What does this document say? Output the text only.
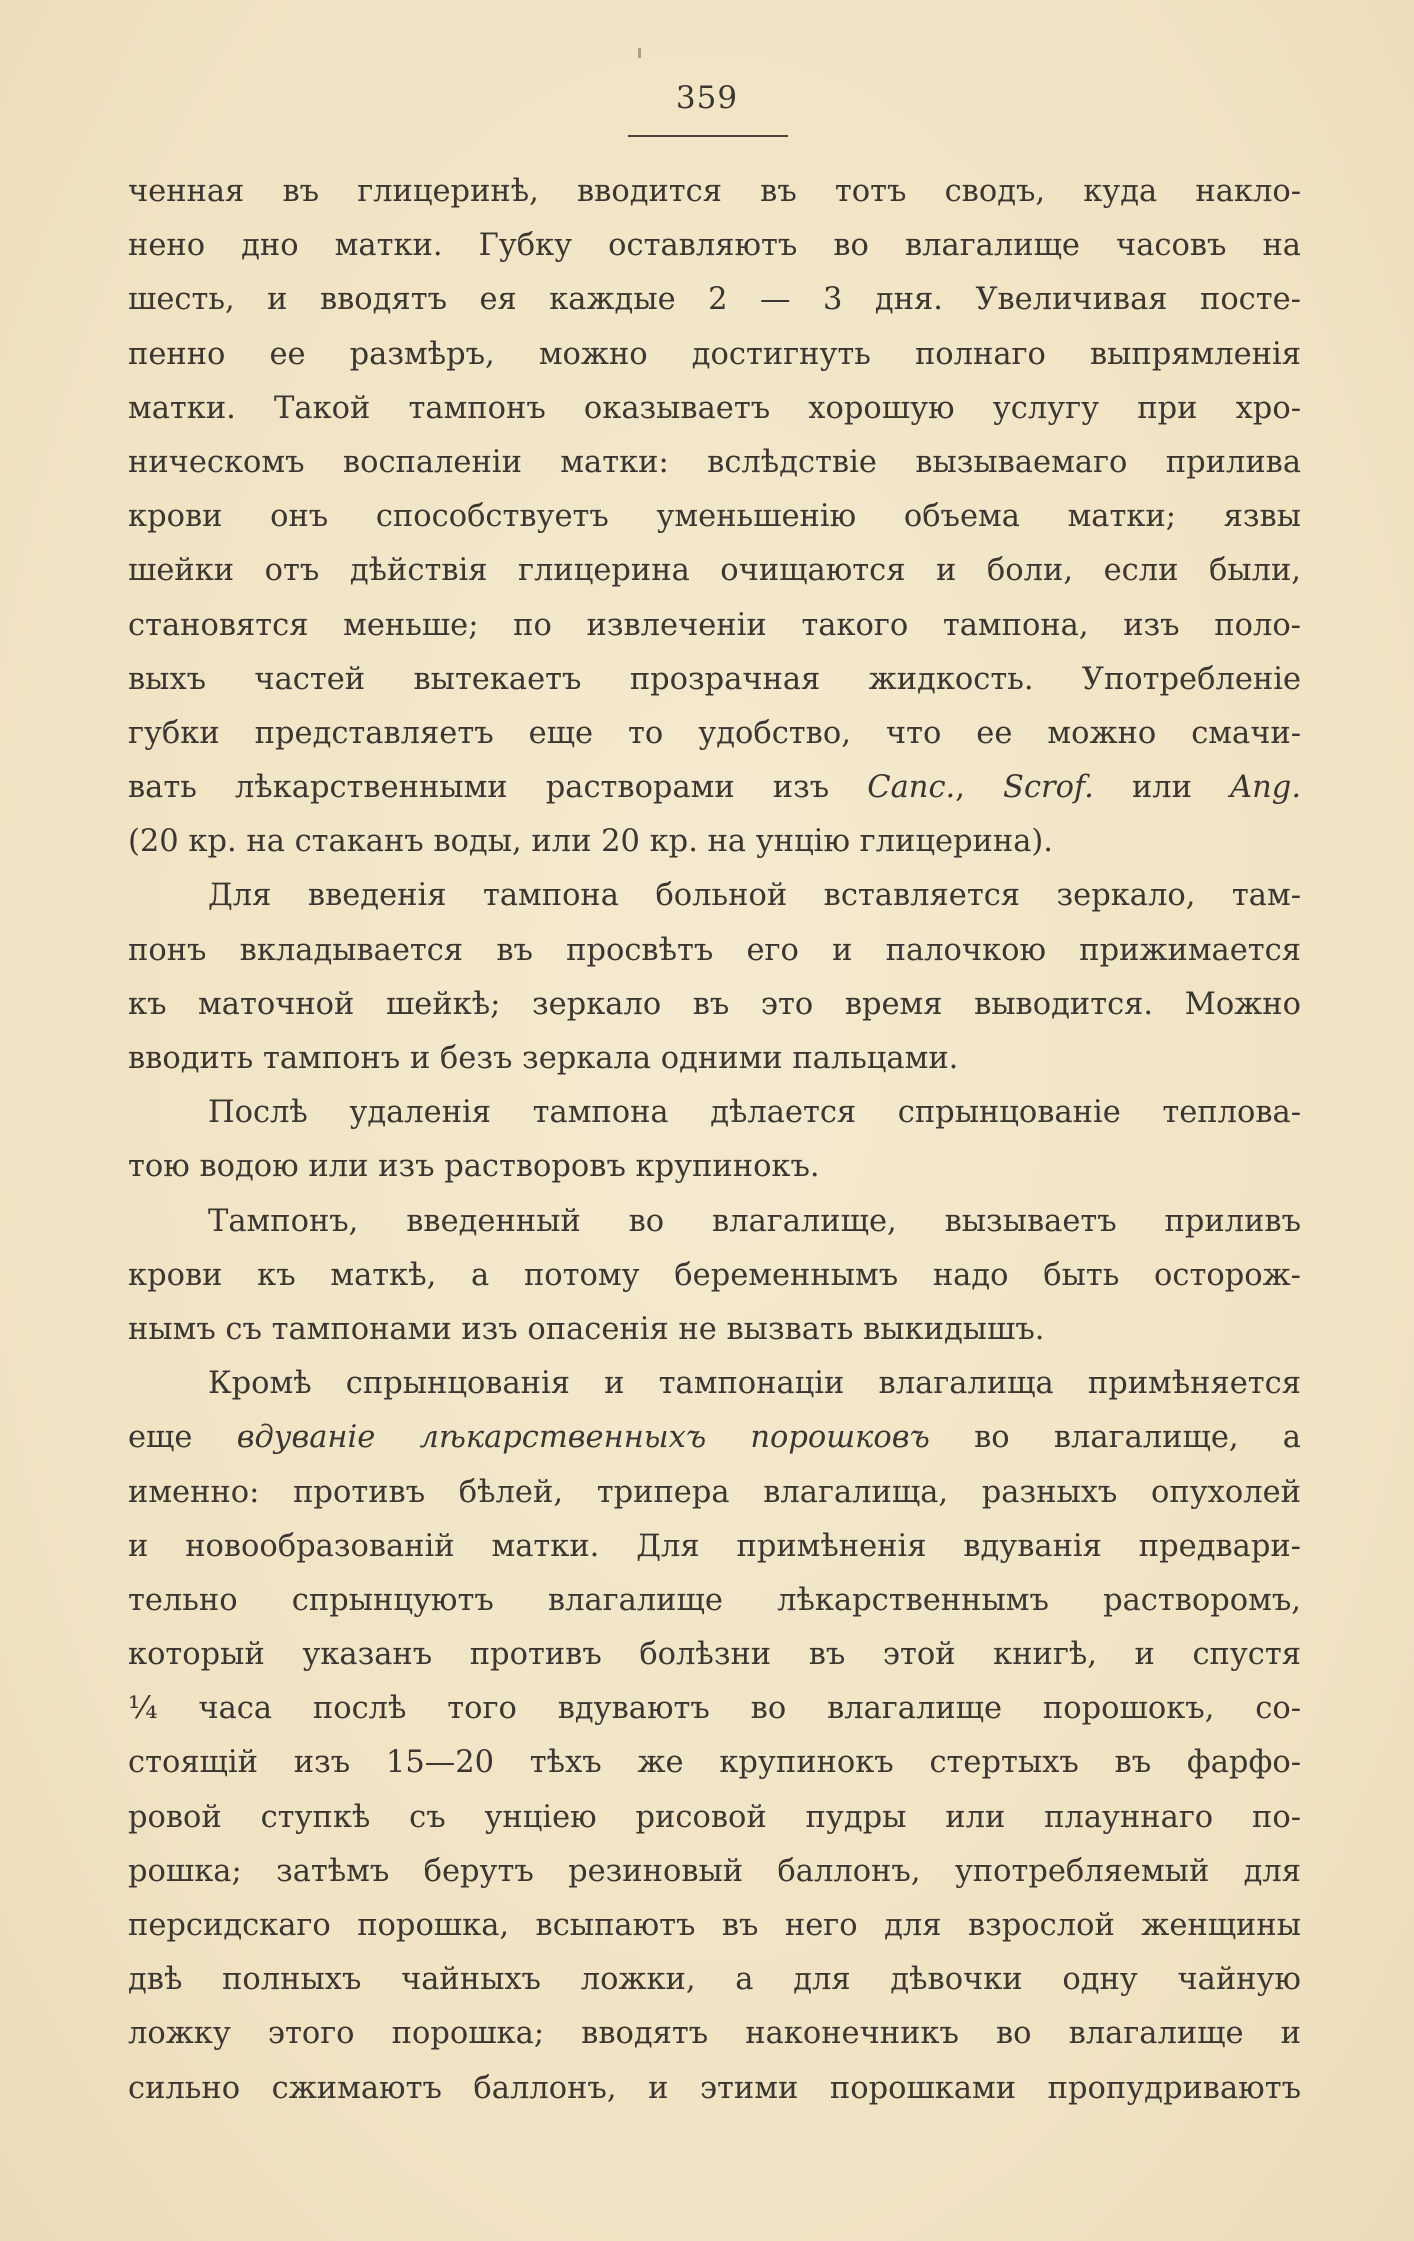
359
ченная въ глицеринѣ, вводится въ тотъ сводъ, куда накло-
нено дно матки. Губку оставляютъ во влагалище часовъ на
шесть, и вводятъ ея каждые 2 — 3 дня. Увеличивая посте-
пенно ее размѣръ, можно достигнуть полнаго выпрямленія
матки. Такой тампонъ оказываетъ хорошую услугу при хро-
ническомъ воспаленіи матки: вслѣдствіе вызываемаго прилива
крови онъ способствуетъ уменьшенію объема матки; язвы
шейки отъ дѣйствія глицерина очищаются и боли, если были,
становятся меньше; по извлеченіи такого тампона, изъ поло-
выхъ частей вытекаетъ прозрачная жидкость. Употребленіе
губки представляетъ еще то удобство, что ее можно смачи-
вать лѣкарственными растворами изъ Canc., Scrof. или Ang.
(20 кр. на стаканъ воды, или 20 кр. на унцію глицерина).
Для введенія тампона больной вставляется зеркало, там-
понъ вкладывается въ просвѣтъ его и палочкою прижимается
къ маточной шейкѣ; зеркало въ это время выводится. Можно
вводить тампонъ и безъ зеркала одними пальцами.
Послѣ удаленія тампона дѣлается спрынцованіе теплова-
тою водою или изъ растворовъ крупинокъ.
Тампонъ, введенный во влагалище, вызываетъ приливъ
крови къ маткѣ, а потому беременнымъ надо быть осторож-
нымъ съ тампонами изъ опасенія не вызвать выкидышъ.
Кромѣ спрынцованія и тампонаціи влагалища примѣняется
еще вдуваніе лѣкарственныхъ порошковъ во влагалище, а
именно: противъ бѣлей, трипера влагалища, разныхъ опухолей
и новообразованій матки. Для примѣненія вдуванія предвари-
тельно спрынцуютъ влагалище лѣкарственнымъ растворомъ,
который указанъ противъ болѣзни въ этой книгѣ, и спустя
¼ часа послѣ того вдуваютъ во влагалище порошокъ, со-
стоящій изъ 15—20 тѣхъ же крупинокъ стертыхъ въ фарфо-
ровой ступкѣ съ унціею рисовой пудры или плауннаго по-
рошка; затѣмъ берутъ резиновый баллонъ, употребляемый для
персидскаго порошка, всыпаютъ въ него для взрослой женщины
двѣ полныхъ чайныхъ ложки, а для дѣвочки одну чайную
ложку этого порошка; вводятъ наконечникъ во влагалище и
сильно сжимаютъ баллонъ, и этими порошками пропудриваютъ
